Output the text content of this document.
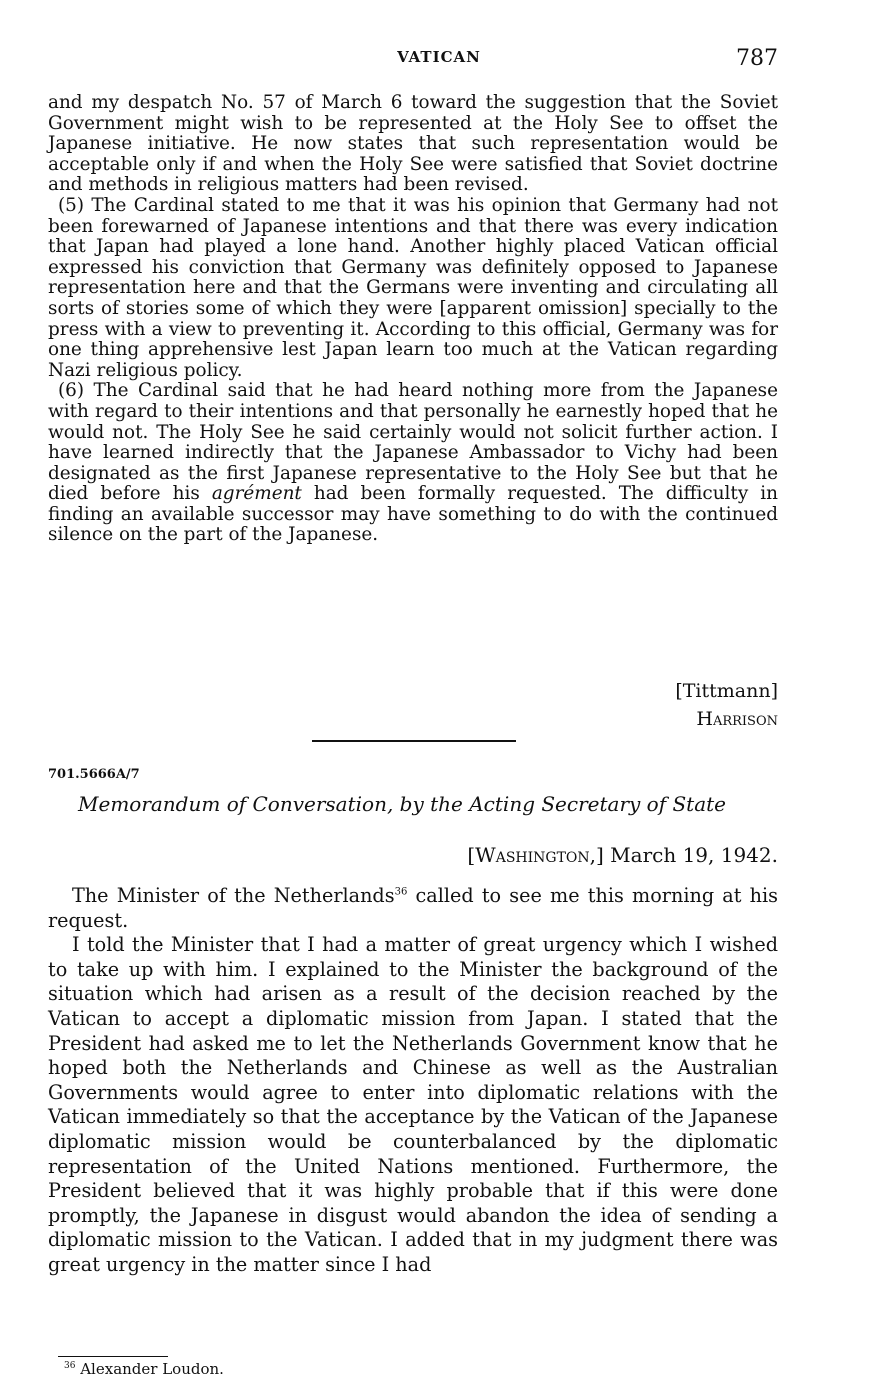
VATICAN	787

and my despatch No. 57 of March 6 toward the suggestion that the Soviet Government might wish to be represented at the Holy See to offset the Japanese initiative. He now states that such representation would be acceptable only if and when the Holy See were satisfied that Soviet doctrine and methods in religious matters had been revised.

(5) The Cardinal stated to me that it was his opinion that Germany had not been forewarned of Japanese intentions and that there was every indication that Japan had played a lone hand. Another highly placed Vatican official expressed his conviction that Germany was definitely opposed to Japanese representation here and that the Germans were inventing and circulating all sorts of stories some of which they were [apparent omission] specially to the press with a view to preventing it. According to this official, Germany was for one thing apprehensive lest Japan learn too much at the Vatican regarding Nazi religious policy.

(6) The Cardinal said that he had heard nothing more from the Japanese with regard to their intentions and that personally he earnestly hoped that he would not. The Holy See he said certainly would not solicit further action. I have learned indirectly that the Japanese Ambassador to Vichy had been designated as the first Japanese representative to the Holy See but that he died before his agrément had been formally requested. The difficulty in finding an available successor may have something to do with the continued silence on the part of the Japanese.

[Tittmann]
Harrison
701.5666A/7
Memorandum of Conversation, by the Acting Secretary of State
[Washington,] March 19, 1942.

The Minister of the Netherlands$^{36}$ called to see me this morning at his request.

I told the Minister that I had a matter of great urgency which I wished to take up with him. I explained to the Minister the background of the situation which had arisen as a result of the decision reached by the Vatican to accept a diplomatic mission from Japan. I stated that the President had asked me to let the Netherlands Government know that he hoped both the Netherlands and Chinese as well as the Australian Governments would agree to enter into diplomatic relations with the Vatican immediately so that the acceptance by the Vatican of the Japanese diplomatic mission would be counterbalanced by the diplomatic representation of the United Nations mentioned. Furthermore, the President believed that it was highly probable that if this were done promptly, the Japanese in disgust would abandon the idea of sending a diplomatic mission to the Vatican. I added that in my judgment there was great urgency in the matter since I had

$^{36}$ Alexander Loudon.
